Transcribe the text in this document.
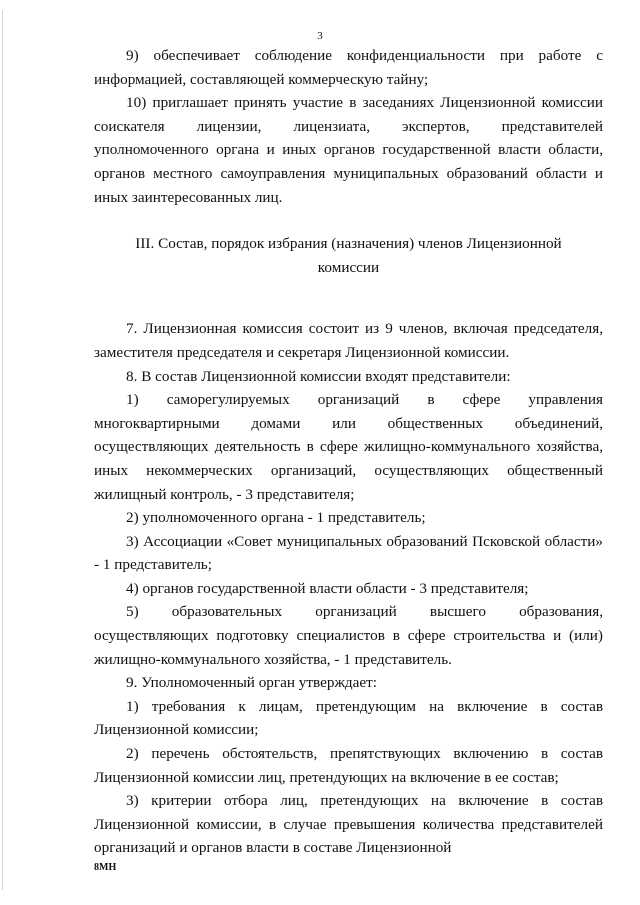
3

9) обеспечивает соблюдение конфиденциальности при работе с информацией, составляющей коммерческую тайну;

10) приглашает принять участие в заседаниях Лицензионной комиссии соискателя лицензии, лицензиата, экспертов, представителей уполномоченного органа и иных органов государственной власти области, органов местного самоуправления муниципальных образований области и иных заинтересованных лиц.

III. Состав, порядок избрания (назначения) членов Лицензионной

комиссии

7. Лицензионная комиссия состоит из 9 членов, включая председателя, заместителя председателя и секретаря Лицензионной комиссии.

8. В состав Лицензионной комиссии входят представители:

1) саморегулируемых организаций в сфере управления многоквартирными домами или общественных объединений, осуществляющих деятельность в сфере жилищно-коммунального хозяйства, иных некоммерческих организаций, осуществляющих общественный жилищный контроль, - 3 представителя;

2) уполномоченного органа - 1 представитель;

3) Ассоциации «Совет муниципальных образований Псковской области» - 1 представитель;

4) органов государственной власти области - 3 представителя;

5) образовательных организаций высшего образования, осуществляющих подготовку специалистов в сфере строительства и (или) жилищно-коммунального хозяйства, - 1 представитель.

9. Уполномоченный орган утверждает:

1) требования к лицам, претендующим на включение в состав Лицензионной комиссии;

2) перечень обстоятельств, препятствующих включению в состав Лицензионной комиссии лиц, претендующих на включение в ее состав;

3) критерии отбора лиц, претендующих на включение в состав Лицензионной комиссии, в случае превышения количества представителей организаций и органов власти в составе Лицензионной

8МН
